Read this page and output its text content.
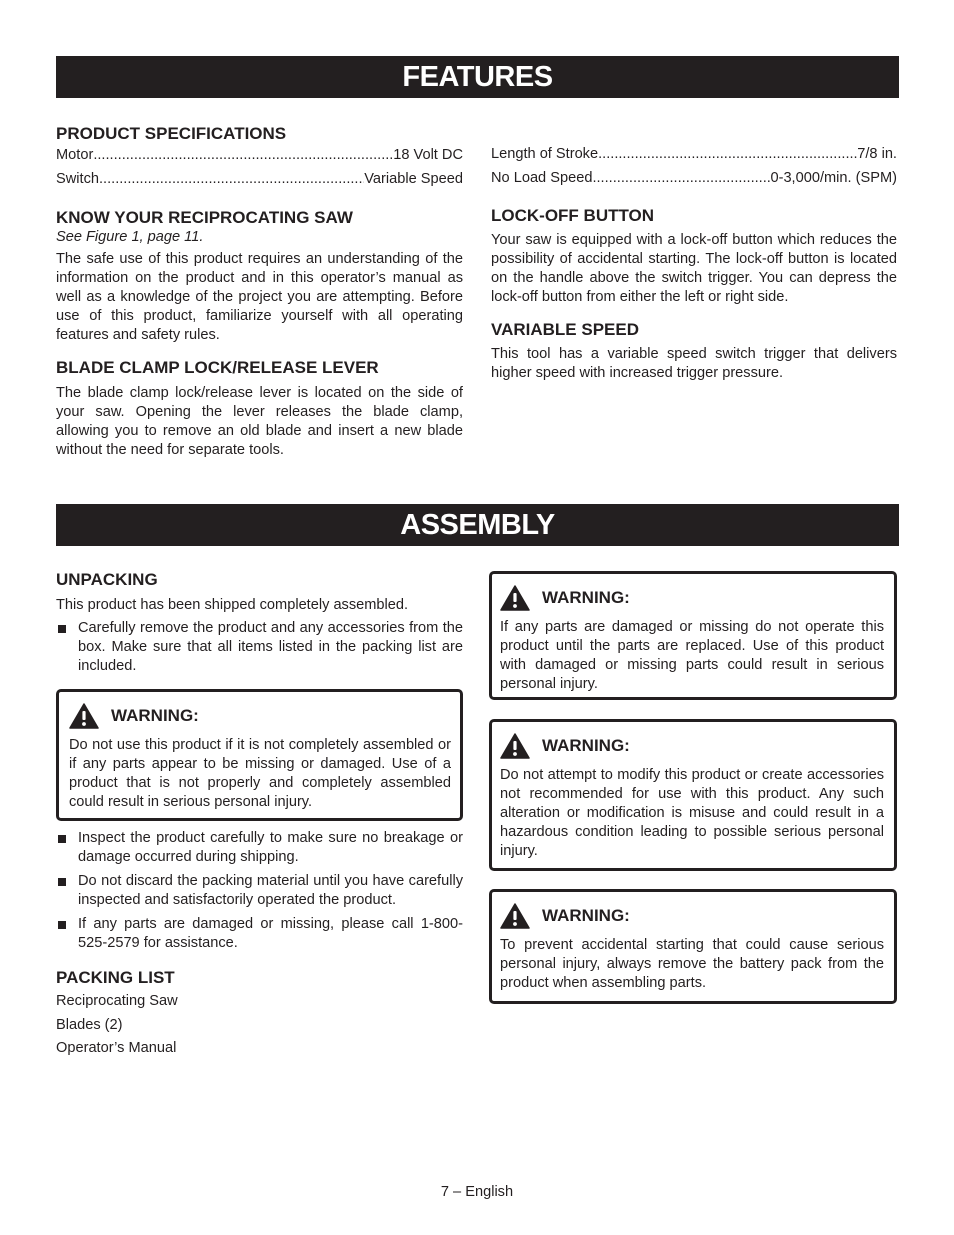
FEATURES
PRODUCT SPECIFICATIONS
Motor .....	18 Volt DC
Switch .....	Variable Speed
KNOW YOUR RECIPROCATING SAW
See Figure 1, page 11.

The safe use of this product requires an understanding of the information on the product and in this operator’s manual as well as a knowledge of the project you are attempting. Before use of this product, familiarize yourself with all operating features and safety rules.

BLADE CLAMP LOCK/RELEASE LEVER

The blade clamp lock/release lever is located on the side of your saw. Opening the lever releases the blade clamp, allowing you to remove an old blade and insert a new blade without the need for separate tools.

Length of Stroke .....	7/8 in.
No Load Speed .....	0-3,000/min. (SPM)
LOCK-OFF BUTTON

Your saw is equipped with a lock-off button which reduces the possibility of accidental starting. The lock-off button is located on the handle above the switch trigger. You can depress the lock-off button from either the left or right side.

VARIABLE SPEED

This tool has a variable speed switch trigger that delivers higher speed with increased trigger pressure.

ASSEMBLY
UNPACKING

This product has been shipped completely assembled.

Carefully remove the product and any accessories from the box. Make sure that all items listed in the packing list are included.
WARNING:

Do not use this product if it is not completely assembled or if any parts appear to be missing or damaged. Use of a product that is not properly and completely assembled could result in serious personal injury.

Inspect the product carefully to make sure no breakage or damage occurred during shipping.
Do not discard the packing material until you have carefully inspected and satisfactorily operated the product.
If any parts are damaged or missing, please call 1-800-525-2579 for assistance.
PACKING LIST
Reciprocating Saw
Blades (2)
Operator’s Manual
WARNING:

If any parts are damaged or missing do not operate this product until the parts are replaced. Use of this product with damaged or missing parts could result in serious personal injury.

WARNING:

Do not attempt to modify this product or create accessories not recommended for use with this product. Any such alteration or modification is misuse and could result in a hazardous condition leading to possible serious personal injury.

WARNING:

To prevent accidental starting that could cause serious personal injury, always remove the battery pack from the product when assembling parts.

7 – English
